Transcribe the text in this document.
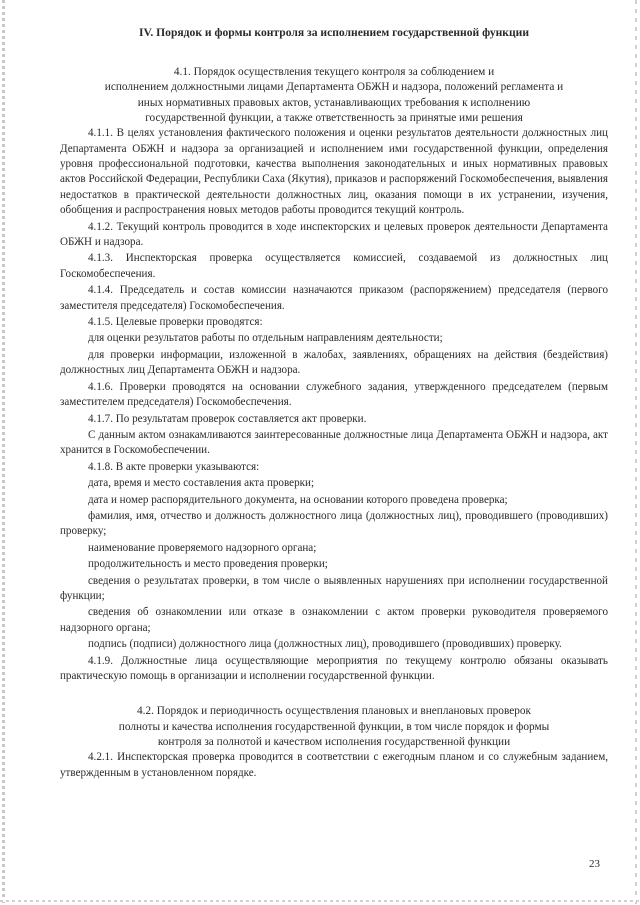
IV. Порядок и формы контроля за исполнением государственной функции

4.1. Порядок осуществления текущего контроля за соблюдением и

исполнением должностными лицами Департамента ОБЖН и надзора, положений регламента и

иных нормативных правовых актов, устанавливающих требования к исполнению

государственной функции, а также ответственность за принятые ими решения

4.1.1. В целях установления фактического положения и оценки результатов деятельности должностных лиц Департамента ОБЖН и надзора за организацией и исполнением ими государственной функции, определения уровня профессиональной подготовки, качества выполнения законодательных и иных нормативных правовых актов Российской Федерации, Республики Саха (Якутия), приказов и распоряжений Госкомобеспечения, выявления недостатков в практической деятельности должностных лиц, оказания помощи в их устранении, изучения, обобщения и распространения новых методов работы проводится текущий контроль.

4.1.2. Текущий контроль проводится в ходе инспекторских и целевых проверок деятельности Департамента ОБЖН и надзора.

4.1.3. Инспекторская проверка осуществляется комиссией, создаваемой из должностных лиц Госкомобеспечения.

4.1.4. Председатель и состав комиссии назначаются приказом (распоряжением) председателя (первого заместителя председателя) Госкомобеспечения.

4.1.5. Целевые проверки проводятся:

для оценки результатов работы по отдельным направлениям деятельности;

для проверки информации, изложенной в жалобах, заявлениях, обращениях на действия (бездействия) должностных лиц Департамента ОБЖН и надзора.

4.1.6. Проверки проводятся на основании служебного задания, утвержденного председателем (первым заместителем председателя) Госкомобеспечения.

4.1.7. По результатам проверок составляется акт проверки.

С данным актом ознакамливаются заинтересованные должностные лица Департамента ОБЖН и надзора, акт хранится в Госкомобеспечении.

4.1.8. В акте проверки указываются:

дата, время и место составления акта проверки;

дата и номер распорядительного документа, на основании которого проведена проверка;

фамилия, имя, отчество и должность должностного лица (должностных лиц), проводившего (проводивших) проверку;

наименование проверяемого надзорного органа;

продолжительность и место проведения проверки;

сведения о результатах проверки, в том числе о выявленных нарушениях при исполнении государственной функции;

сведения об ознакомлении или отказе в ознакомлении с актом проверки руководителя проверяемого надзорного органа;

подпись (подписи) должностного лица (должностных лиц), проводившего (проводивших) проверку.

4.1.9. Должностные лица осуществляющие мероприятия по текущему контролю обязаны оказывать практическую помощь в организации и исполнении государственной функции.

4.2. Порядок и периодичность осуществления плановых и внеплановых проверок

полноты и качества исполнения государственной функции, в том числе порядок и формы

контроля за полнотой и качеством исполнения государственной функции

4.2.1. Инспекторская проверка проводится в соответствии с ежегодным планом и со служебным заданием, утвержденным в установленном порядке.

23
